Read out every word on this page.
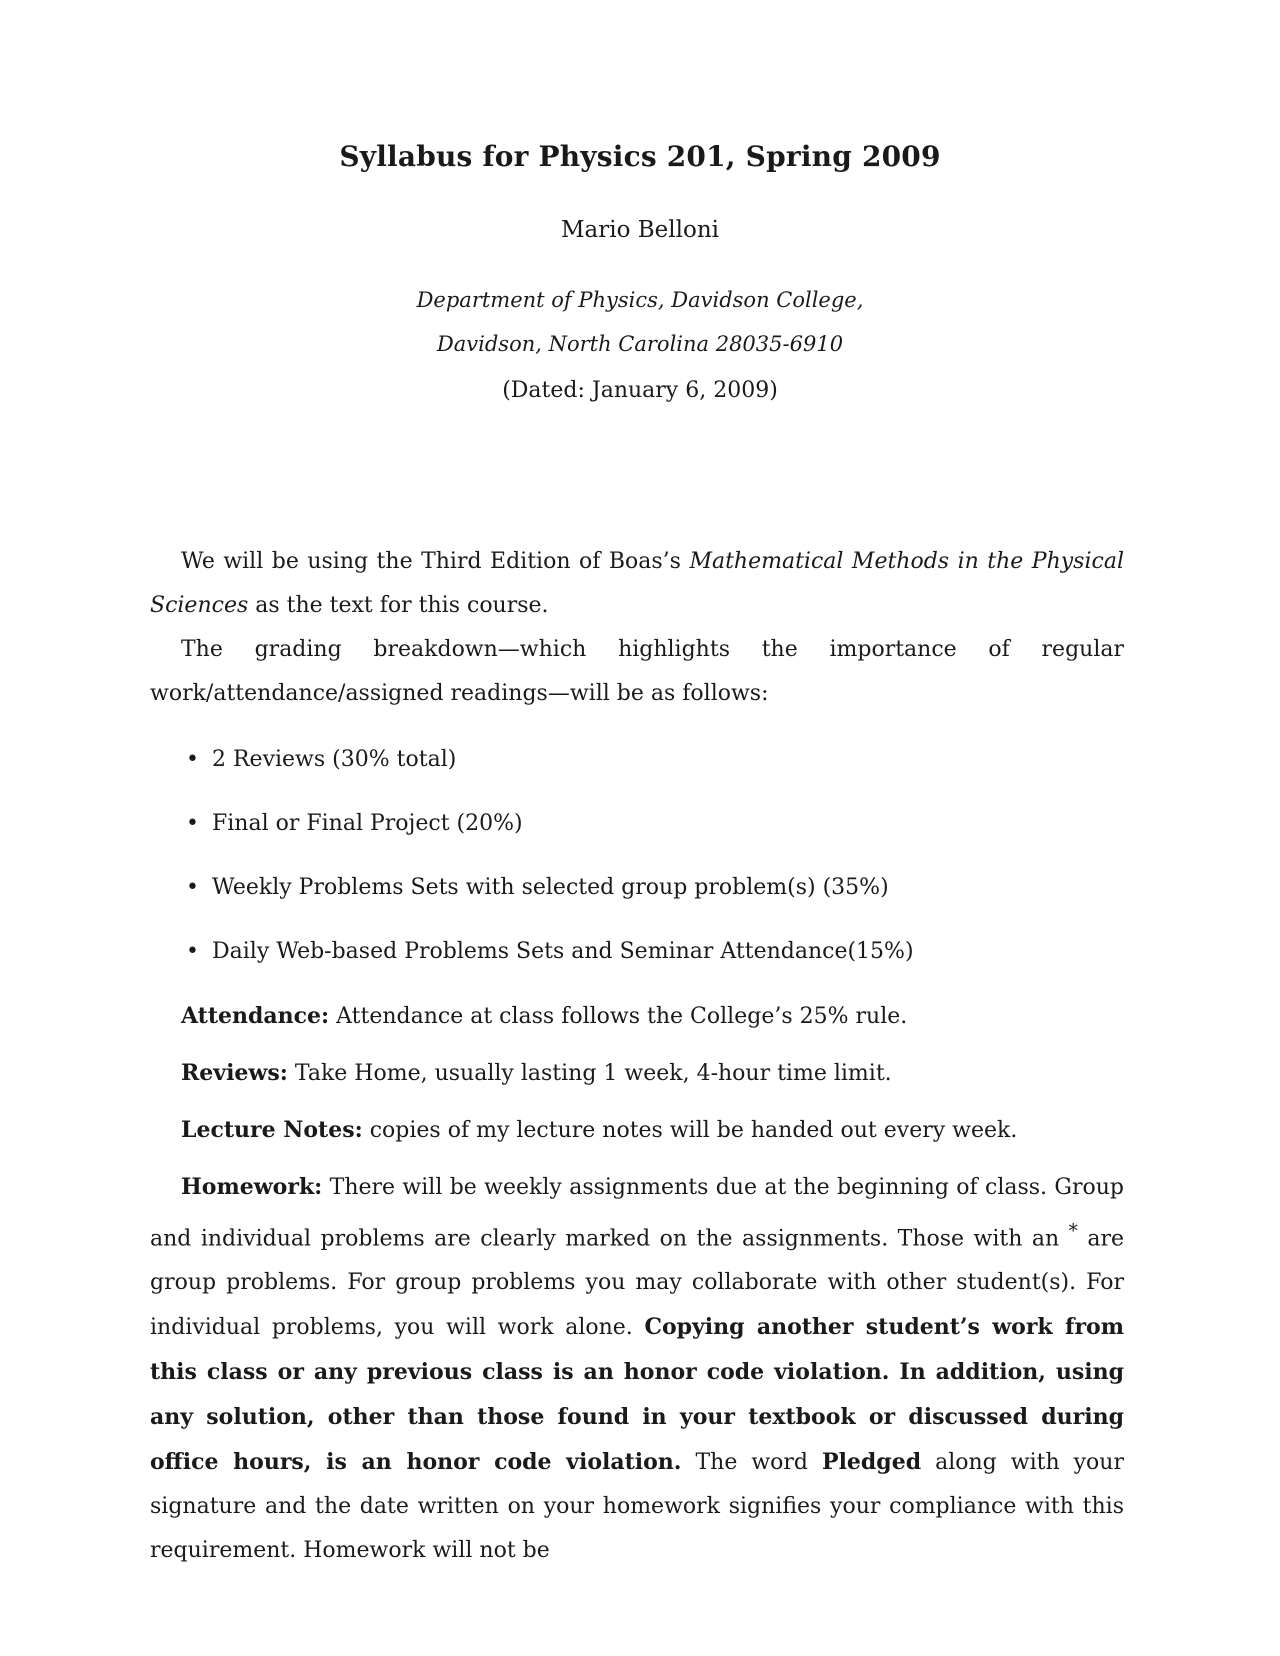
Syllabus for Physics 201, Spring 2009
Mario Belloni
Department of Physics, Davidson College,
Davidson, North Carolina 28035-6910
(Dated: January 6, 2009)

We will be using the Third Edition of Boas’s Mathematical Methods in the Physical Sciences as the text for this course.

The grading breakdown—which highlights the importance of regular

work/attendance/assigned readings—will be as follows:

• 2 Reviews (30% total)
• Final or Final Project (20%)
• Weekly Problems Sets with selected group problem(s) (35%)
• Daily Web-based Problems Sets and Seminar Attendance(15%)

Attendance: Attendance at class follows the College’s 25% rule.

Reviews: Take Home, usually lasting 1 week, 4-hour time limit.

Lecture Notes: copies of my lecture notes will be handed out every week.

Homework: There will be weekly assignments due at the beginning of class. Group and individual problems are clearly marked on the assignments. Those with an * are group problems. For group problems you may collaborate with other student(s). For individual problems, you will work alone. Copying another student’s work from this class or any previous class is an honor code violation. In addition, using any solution, other than those found in your textbook or discussed during office hours, is an honor code violation. The word Pledged along with your signature and the date written on your homework signifies your compliance with this requirement. Homework will not be
